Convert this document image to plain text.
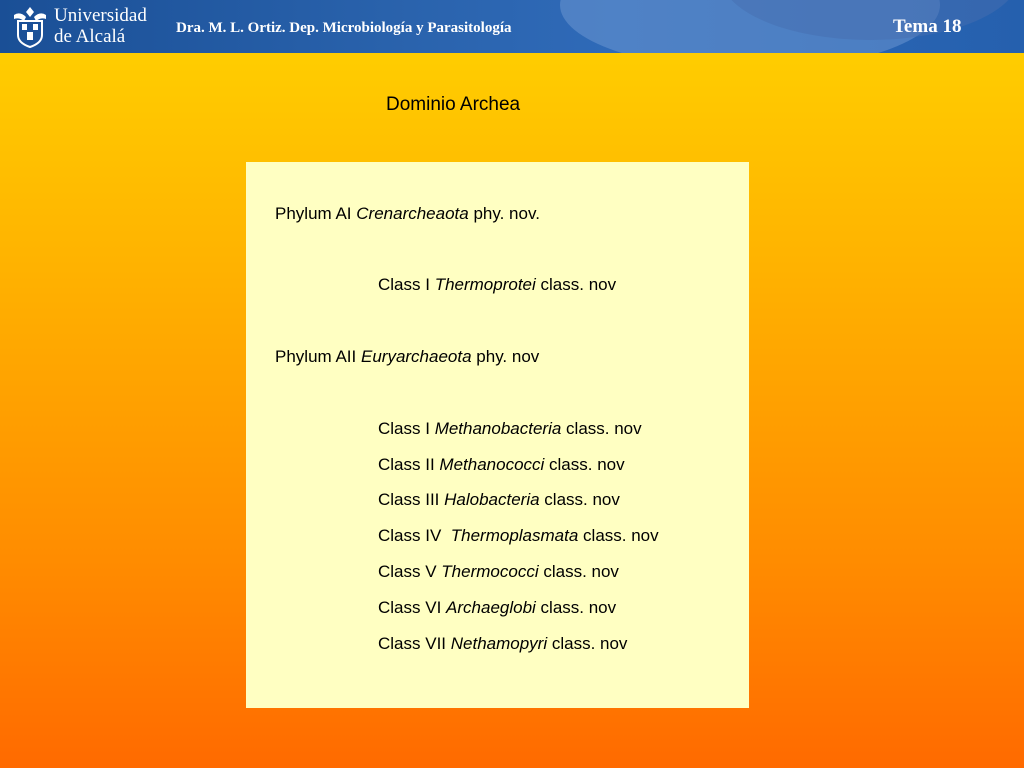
Universidad
de Alcalá	Dra. M. L. Ortiz. Dep. Microbiología y Parasitología	Tema 18
Dominio Archea
Phylum AI Crenarcheaota phy. nov.
Class I Thermoprotei class. nov
Phylum AII Euryarchaeota phy. nov
Class I Methanobacteria class. nov
Class II Methanococci class. nov
Class III Halobacteria class. nov
Class IV  Thermoplasmata class. nov
Class V Thermococci class. nov
Class VI Archaeglobi class. nov
Class VII Nethamopyri class. nov
